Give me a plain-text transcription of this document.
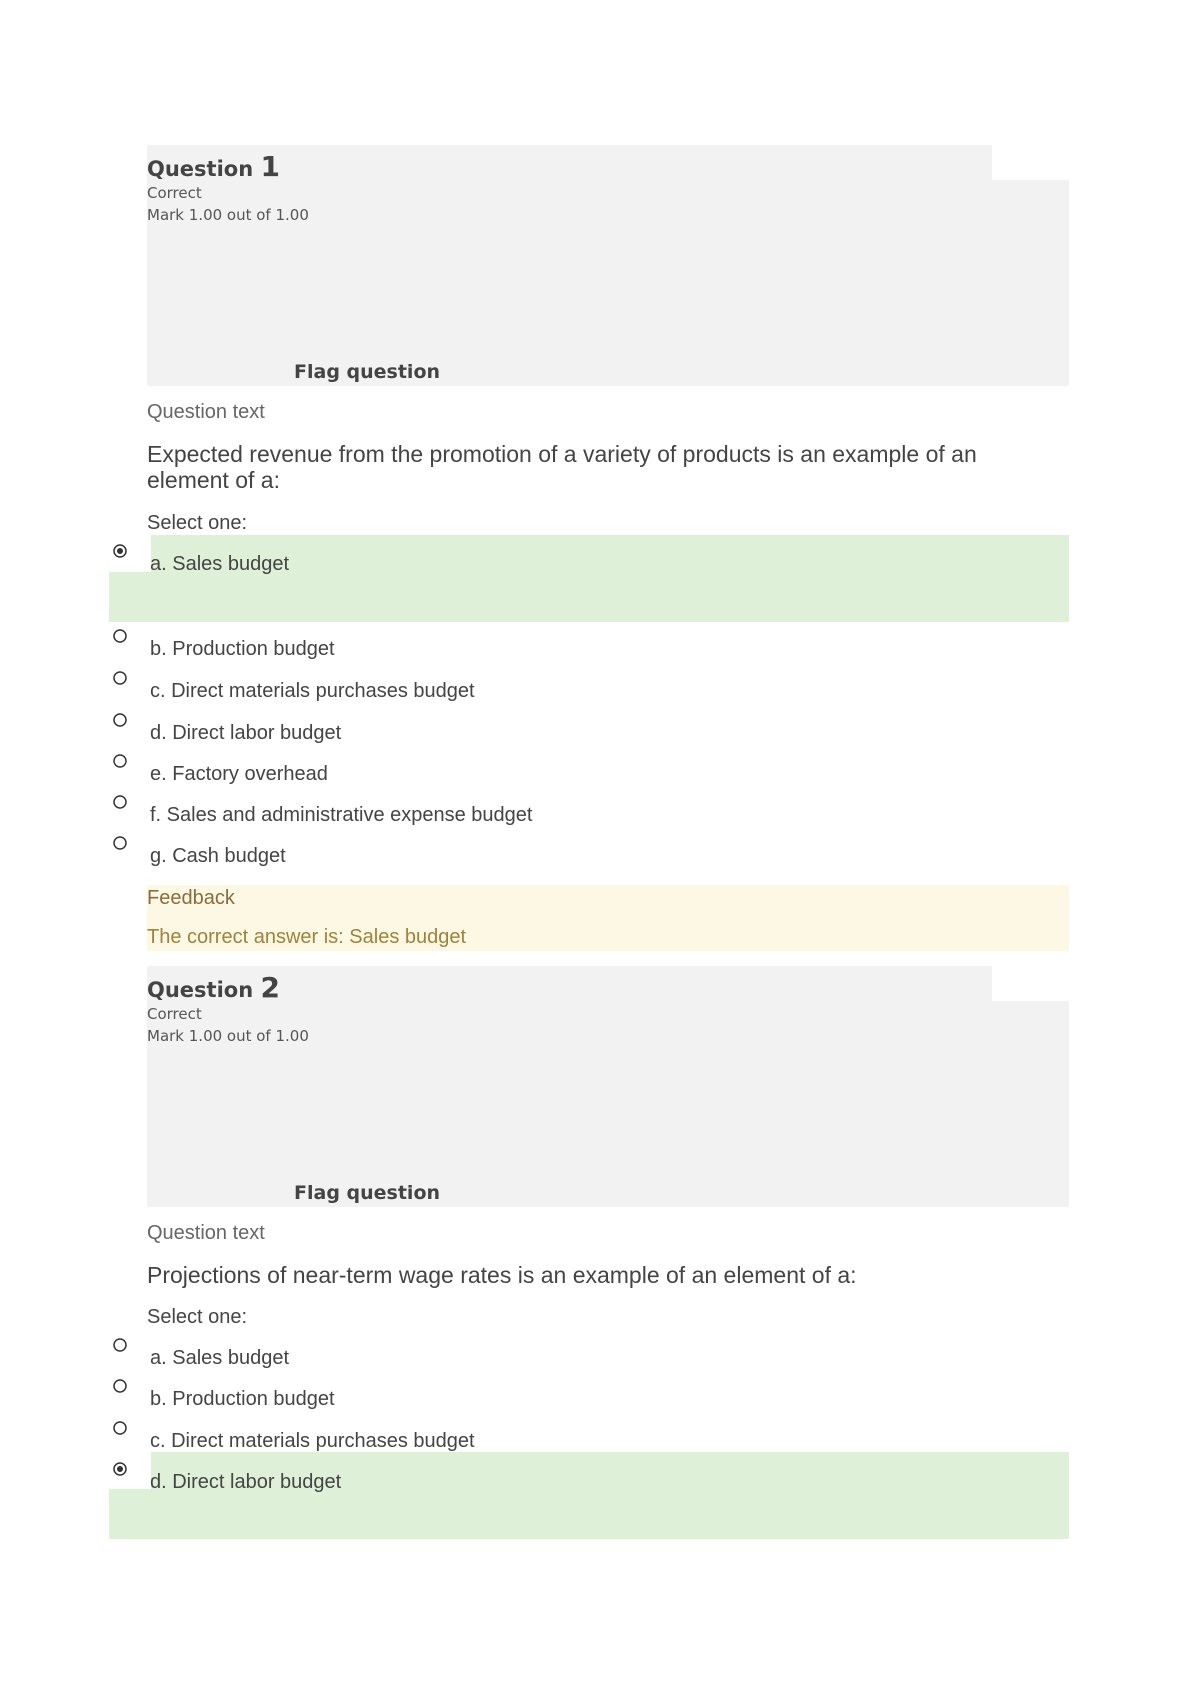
Question 1
Correct
Mark 1.00 out of 1.00
Flag question
Question text
Expected revenue from the promotion of a variety of products is an example of an element of a:
Select one:
a. Sales budget
b. Production budget
c. Direct materials purchases budget
d. Direct labor budget
e. Factory overhead
f. Sales and administrative expense budget
g. Cash budget
Feedback
The correct answer is: Sales budget
Question 2
Correct
Mark 1.00 out of 1.00
Flag question
Question text
Projections of near-term wage rates is an example of an element of a:
Select one:
a. Sales budget
b. Production budget
c. Direct materials purchases budget
d. Direct labor budget
